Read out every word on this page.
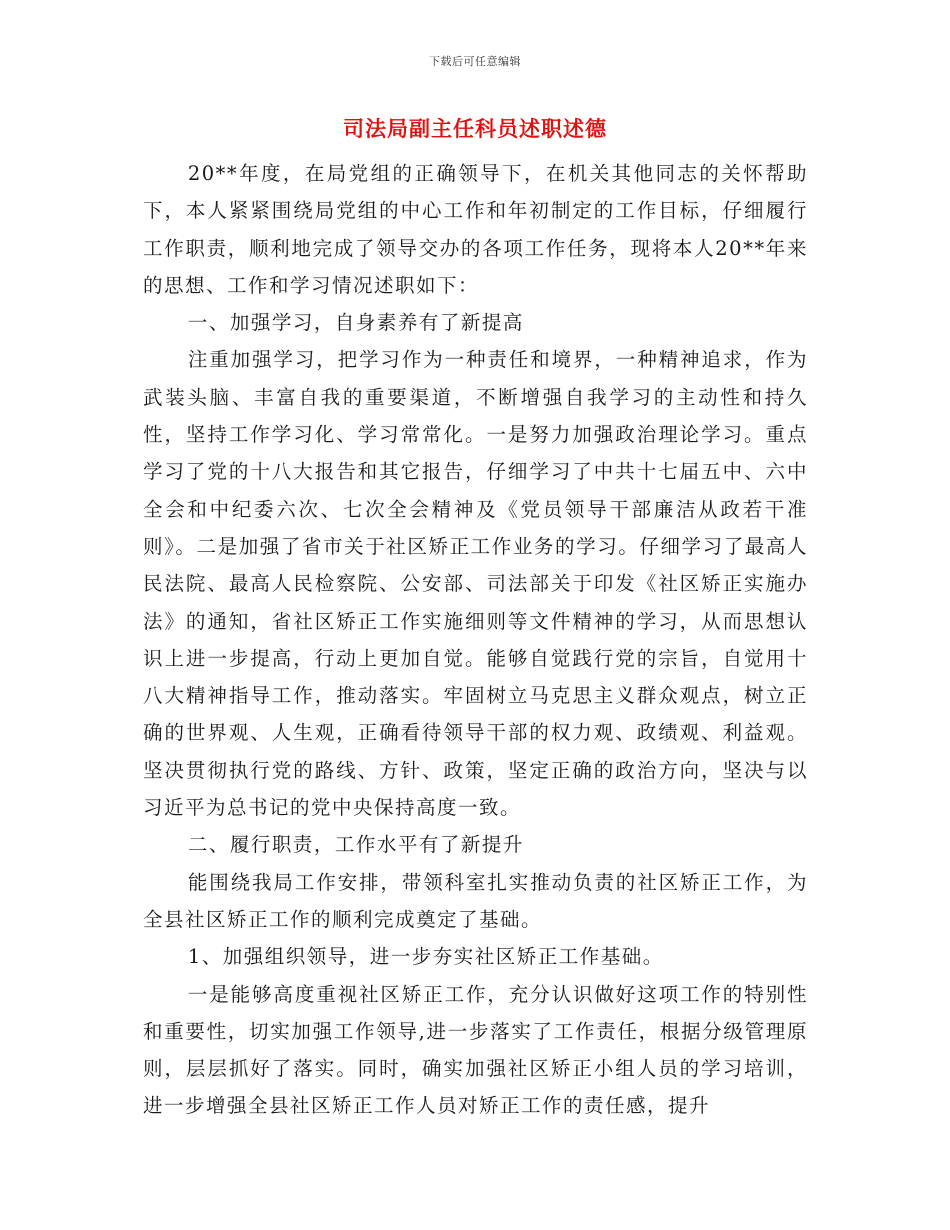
下载后可任意编辑
司法局副主任科员述职述德

20**年度，在局党组的正确领导下，在机关其他同志的关怀帮助下，本人紧紧围绕局党组的中心工作和年初制定的工作目标，仔细履行工作职责，顺利地完成了领导交办的各项工作任务，现将本人20**年来的思想、工作和学习情况述职如下：

一、加强学习，自身素养有了新提高

注重加强学习，把学习作为一种责任和境界，一种精神追求，作为武装头脑、丰富自我的重要渠道，不断增强自我学习的主动性和持久性，坚持工作学习化、学习常常化。一是努力加强政治理论学习。重点学习了党的十八大报告和其它报告，仔细学习了中共十七届五中、六中全会和中纪委六次、七次全会精神及《党员领导干部廉洁从政若干准则》。二是加强了省市关于社区矫正工作业务的学习。仔细学习了最高人民法院、最高人民检察院、公安部、司法部关于印发《社区矫正实施办法》的通知，省社区矫正工作实施细则等文件精神的学习，从而思想认识上进一步提高，行动上更加自觉。能够自觉践行党的宗旨，自觉用十八大精神指导工作，推动落实。牢固树立马克思主义群众观点，树立正确的世界观、人生观，正确看待领导干部的权力观、政绩观、利益观。坚决贯彻执行党的路线、方针、政策，坚定正确的政治方向，坚决与以习近平为总书记的党中央保持高度一致。

二、履行职责，工作水平有了新提升

能围绕我局工作安排，带领科室扎实推动负责的社区矫正工作，为全县社区矫正工作的顺利完成奠定了基础。

1、加强组织领导，进一步夯实社区矫正工作基础。

一是能够高度重视社区矫正工作，充分认识做好这项工作的特别性和重要性，切实加强工作领导,进一步落实了工作责任，根据分级管理原则，层层抓好了落实。同时，确实加强社区矫正小组人员的学习培训，进一步增强全县社区矫正工作人员对矫正工作的责任感，提升
